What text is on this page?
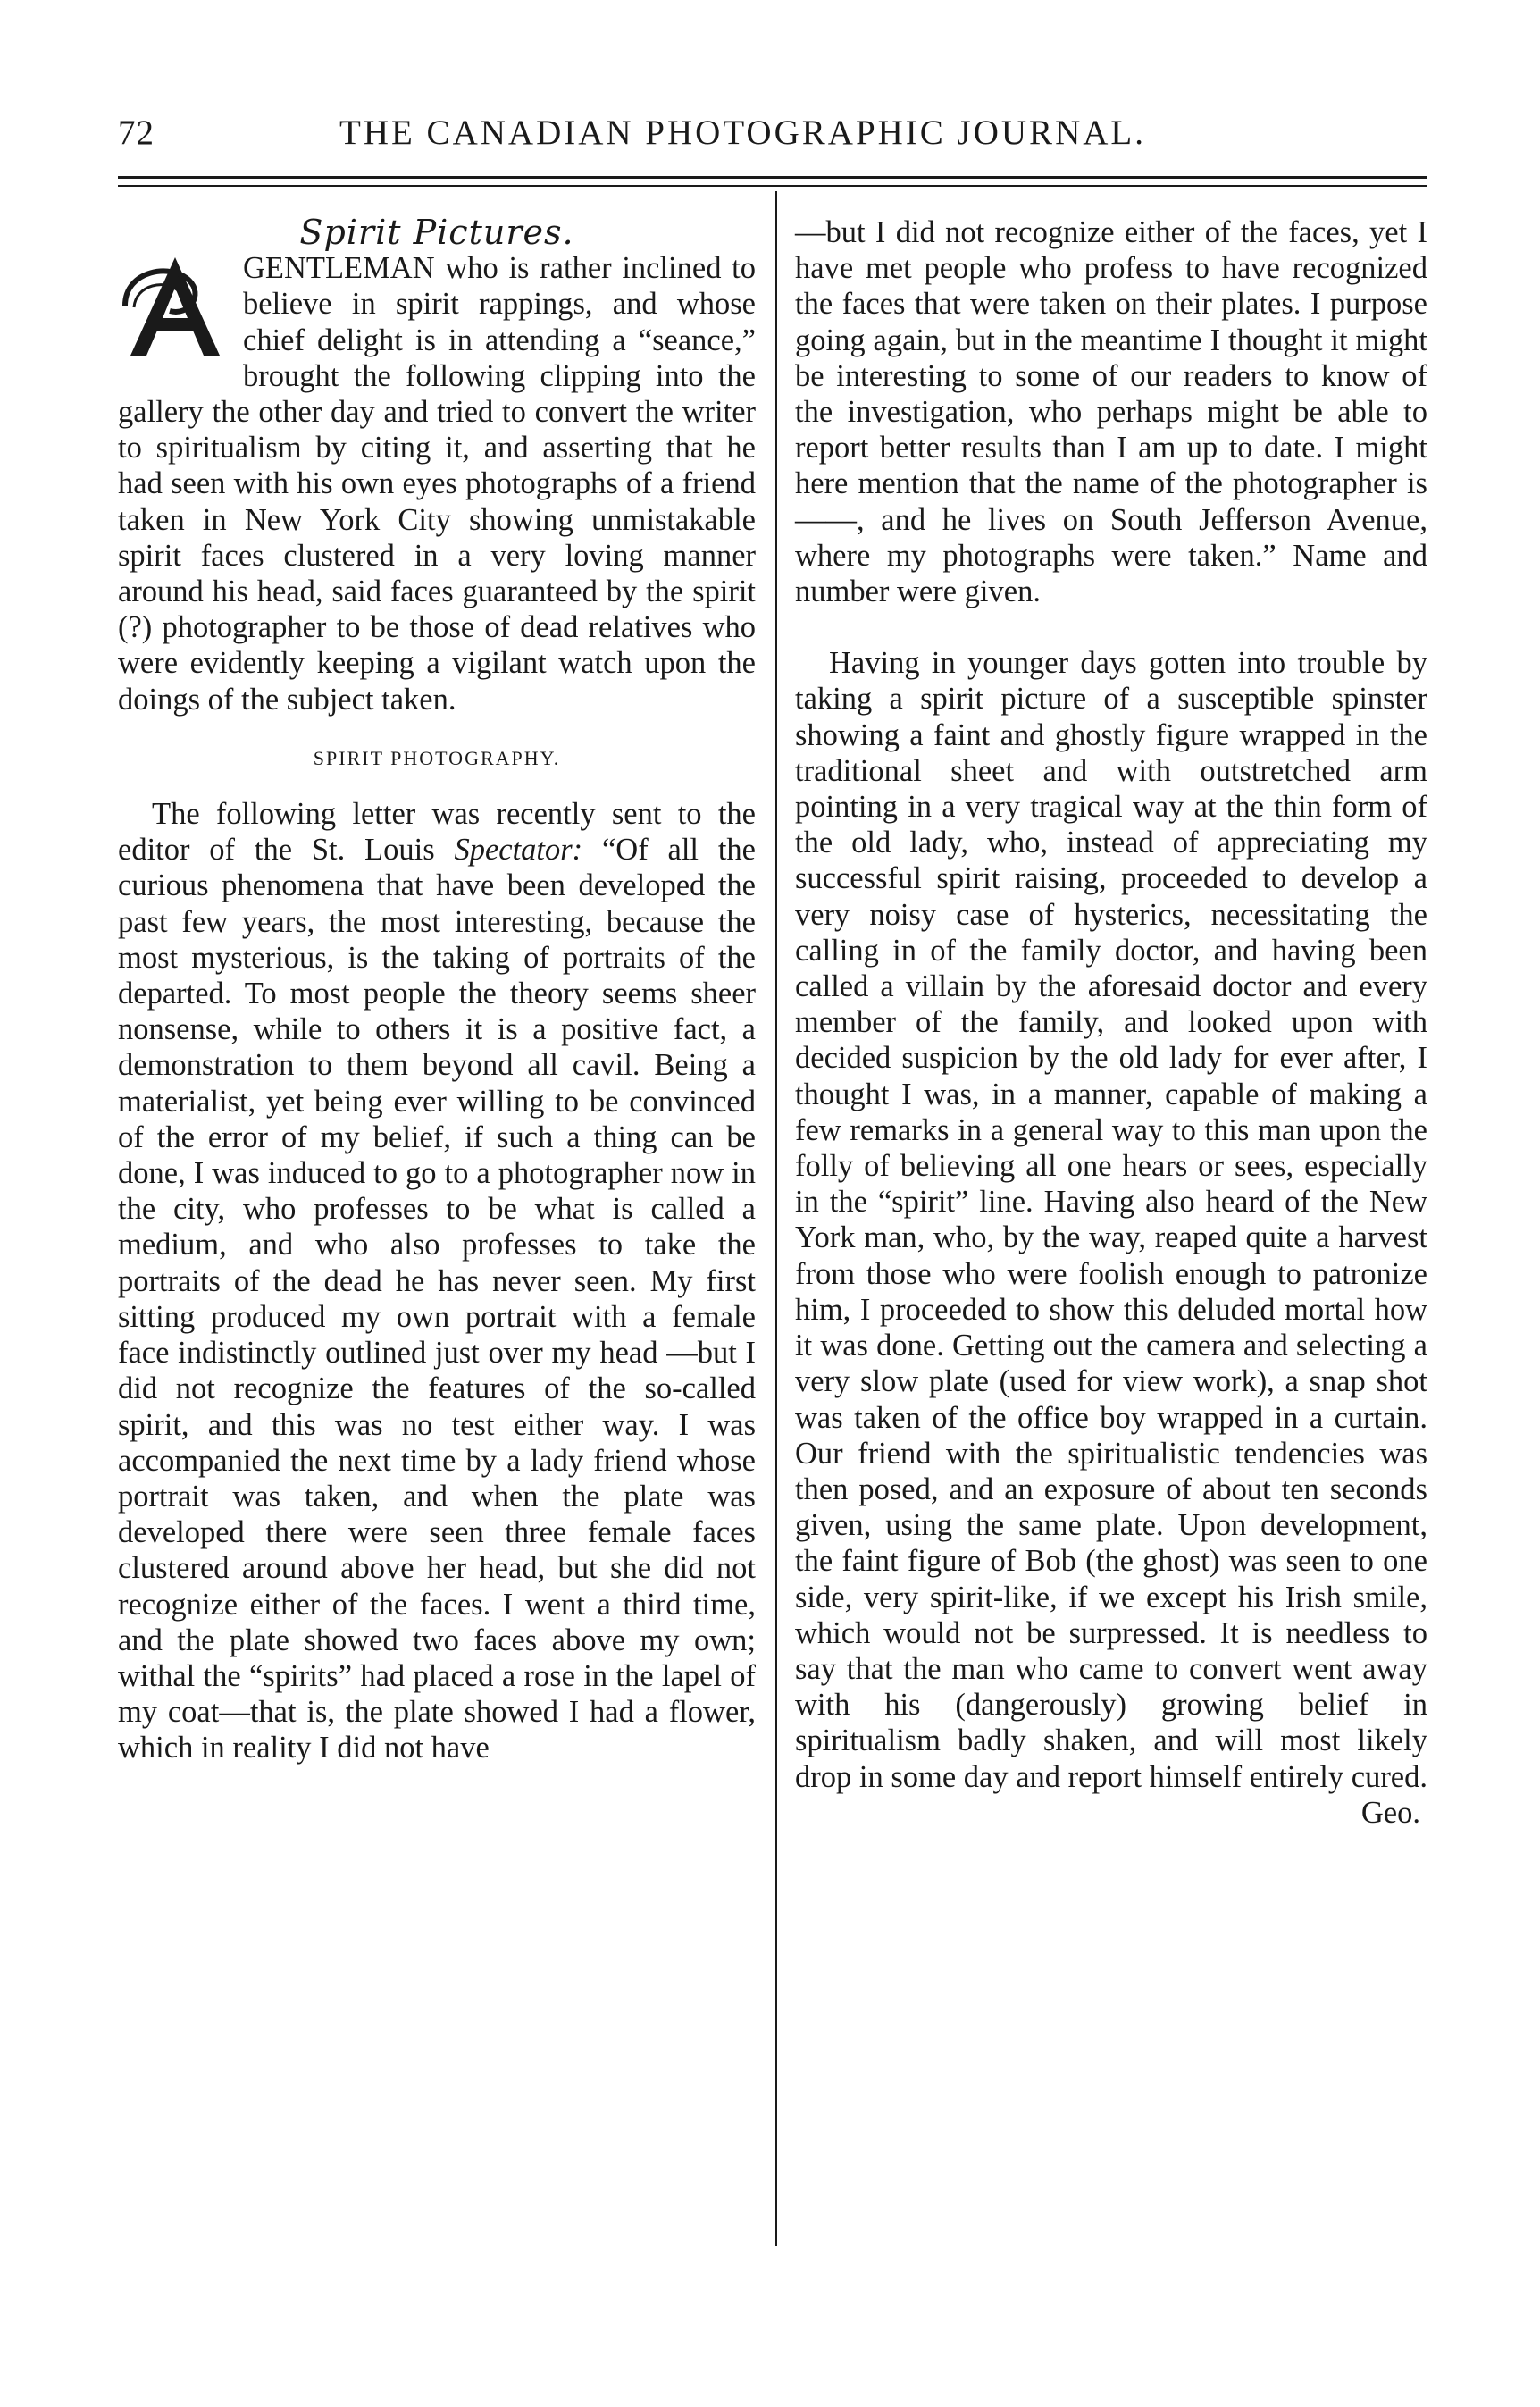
72	THE CANADIAN PHOTOGRAPHIC JOURNAL.

Spirit Pictures.

GENTLEMAN who is rather inclined to believe in spirit rappings, and whose chief delight is in attending a “seance,” brought the following clipping into the gallery the other day and tried to convert the writer to spiritualism by citing it, and asserting that he had seen with his own eyes photographs of a friend taken in New York City showing unmistakable spirit faces clustered in a very loving manner around his head, said faces guaranteed by the spirit (?) photographer to be those of dead relatives who were evidently keeping a vigilant watch upon the doings of the subject taken.

SPIRIT PHOTOGRAPHY.

The following letter was recently sent to the editor of the St. Louis Spectator: “Of all the curious phenomena that have been developed the past few years, the most interesting, because the most mysterious, is the taking of portraits of the departed. To most people the theory seems sheer nonsense, while to others it is a positive fact, a demonstration to them beyond all cavil. Being a materialist, yet being ever willing to be convinced of the error of my belief, if such a thing can be done, I was induced to go to a photographer now in the city, who professes to be what is called a medium, and who also professes to take the portraits of the dead he has never seen. My first sitting produced my own portrait with a female face indistinctly outlined just over my head —but I did not recognize the features of the so-called spirit, and this was no test either way. I was accompanied the next time by a lady friend whose portrait was taken, and when the plate was developed there were seen three female faces clustered around above her head, but she did not recognize either of the faces. I went a third time, and the plate showed two faces above my own; withal the “spirits” had placed a rose in the lapel of my coat—that is, the plate showed I had a flower, which in reality I did not have

—but I did not recognize either of the faces, yet I have met people who profess to have recognized the faces that were taken on their plates. I purpose going again, but in the meantime I thought it might be interesting to some of our readers to know of the investigation, who perhaps might be able to report better results than I am up to date. I might here mention that the name of the photographer is ——, and he lives on South Jefferson Avenue, where my photographs were taken.” Name and number were given.

Having in younger days gotten into trouble by taking a spirit picture of a susceptible spinster showing a faint and ghostly figure wrapped in the traditional sheet and with outstretched arm pointing in a very tragical way at the thin form of the old lady, who, instead of appreciating my successful spirit raising, proceeded to develop a very noisy case of hysterics, necessitating the calling in of the family doctor, and having been called a villain by the aforesaid doctor and every member of the family, and looked upon with decided suspicion by the old lady for ever after, I thought I was, in a manner, capable of making a few remarks in a general way to this man upon the folly of believing all one hears or sees, especially in the “spirit” line. Having also heard of the New York man, who, by the way, reaped quite a harvest from those who were foolish enough to patronize him, I proceeded to show this deluded mortal how it was done. Getting out the camera and selecting a very slow plate (used for view work), a snap shot was taken of the office boy wrapped in a curtain. Our friend with the spiritualistic tendencies was then posed, and an exposure of about ten seconds given, using the same plate. Upon development, the faint figure of Bob (the ghost) was seen to one side, very spirit-like, if we except his Irish smile, which would not be surpressed. It is needless to say that the man who came to convert went away with his (dangerously) growing belief in spiritualism badly shaken, and will most likely drop in some day and report himself entirely cured.
Geo.
